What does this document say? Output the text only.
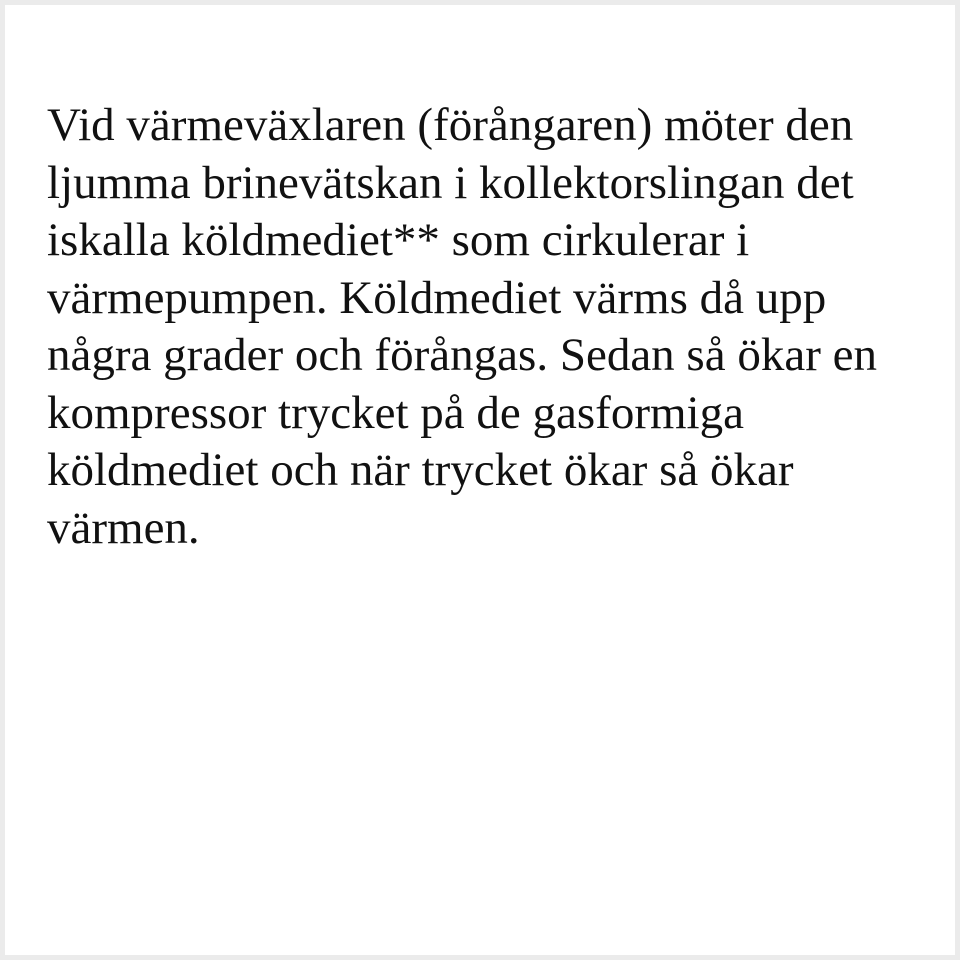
Vid värmeväxlaren (förångaren) möter den
ljumma brinevätskan i kollektorslingan det
iskalla köldmediet** som cirkulerar i
värmepumpen. Köldmediet värms då upp
några grader och förångas. Sedan så ökar en
kompressor trycket på de gasformiga
köldmediet och när trycket ökar så ökar
värmen.
